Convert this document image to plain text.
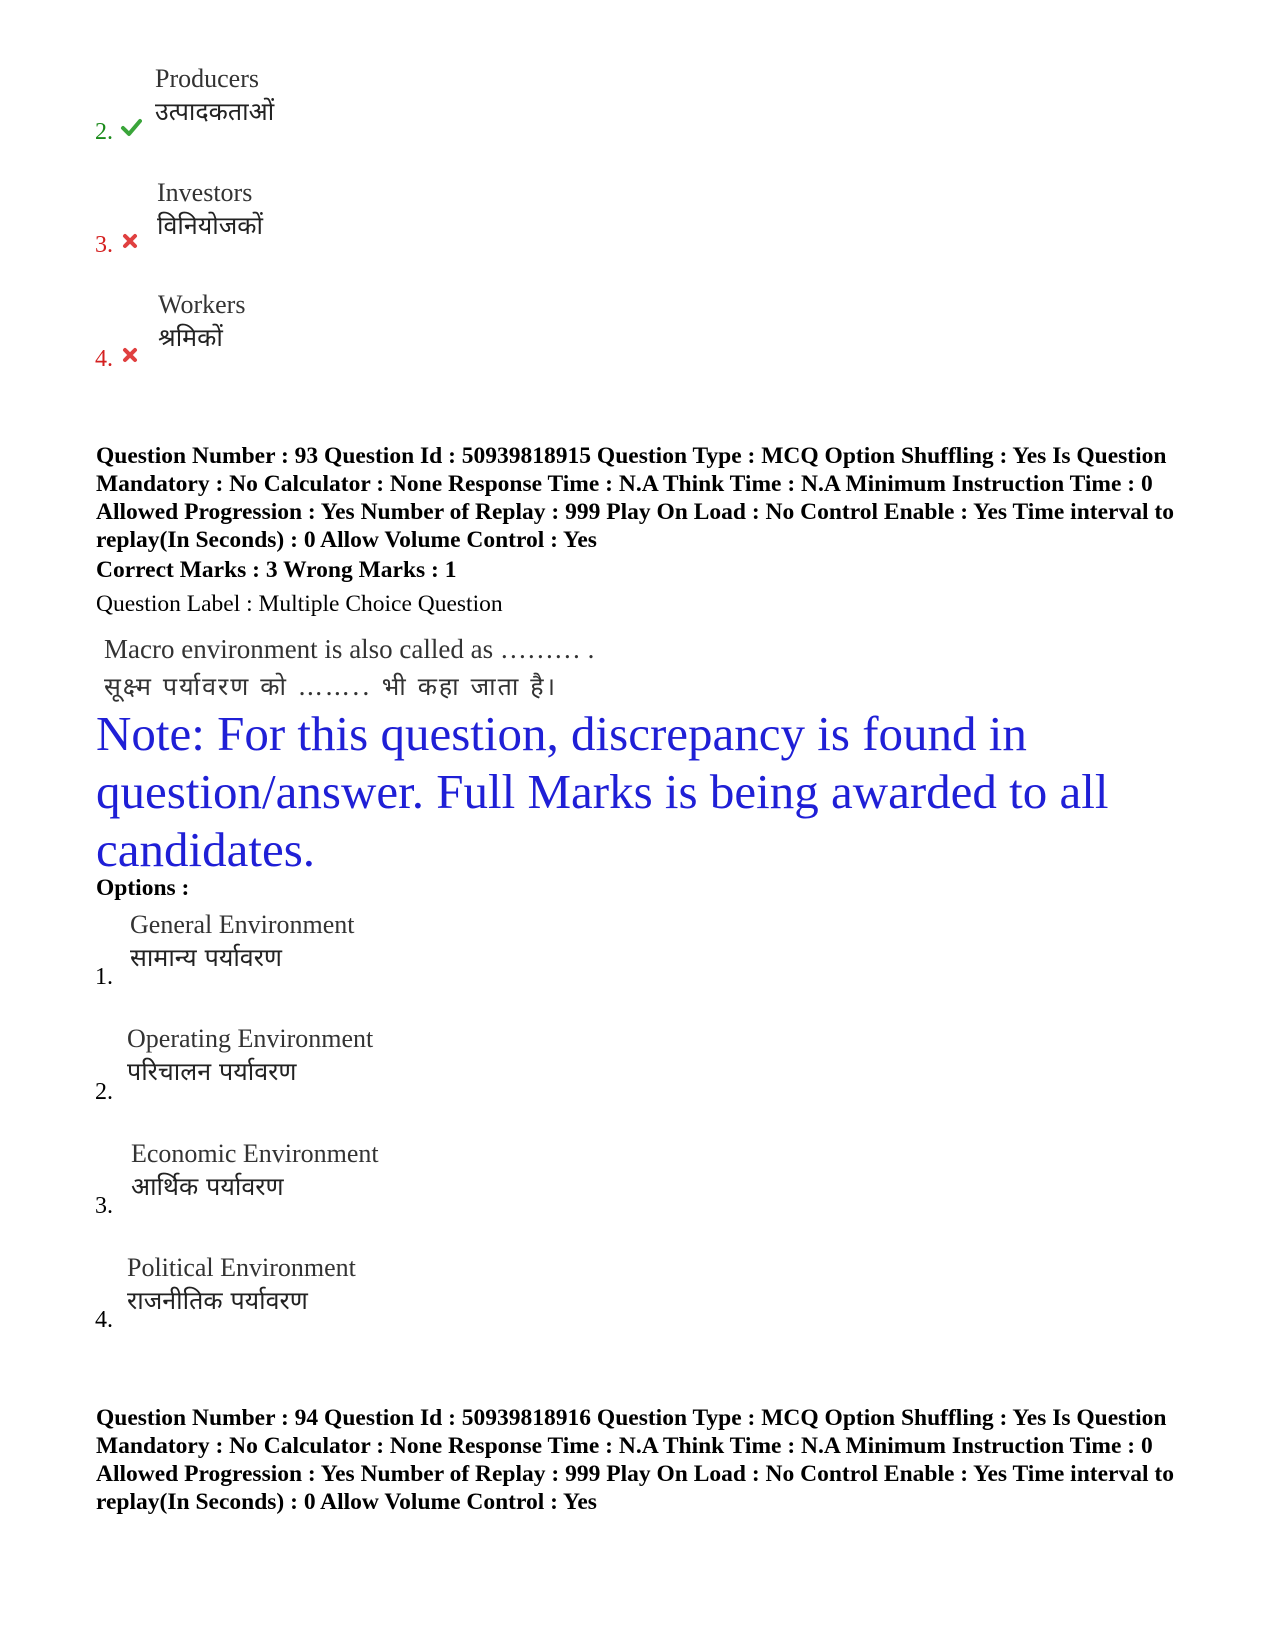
Producers
उत्पादकताओं
2.
Investors
विनियोजकों
3.
Workers
श्रमिकों
4.
Question Number : 93 Question Id : 50939818915 Question Type : MCQ Option Shuffling : Yes Is Question Mandatory : No Calculator : None Response Time : N.A Think Time : N.A Minimum Instruction Time : 0 Allowed Progression : Yes Number of Replay : 999 Play On Load : No Control Enable : Yes Time interval to replay(In Seconds) : 0 Allow Volume Control : Yes
Correct Marks : 3 Wrong Marks : 1
Question Label : Multiple Choice Question
Macro environment is also called as ……… .
सूक्ष्म पर्यावरण को …….. भी कहा जाता है।
Note: For this question, discrepancy is found in question/answer. Full Marks is being awarded to all candidates.
Options :
General Environment
सामान्य पर्यावरण
1.
Operating Environment
परिचालन पर्यावरण
2.
Economic Environment
आर्थिक पर्यावरण
3.
Political Environment
राजनीतिक पर्यावरण
4.
Question Number : 94 Question Id : 50939818916 Question Type : MCQ Option Shuffling : Yes Is Question Mandatory : No Calculator : None Response Time : N.A Think Time : N.A Minimum Instruction Time : 0 Allowed Progression : Yes Number of Replay : 999 Play On Load : No Control Enable : Yes Time interval to replay(In Seconds) : 0 Allow Volume Control : Yes
